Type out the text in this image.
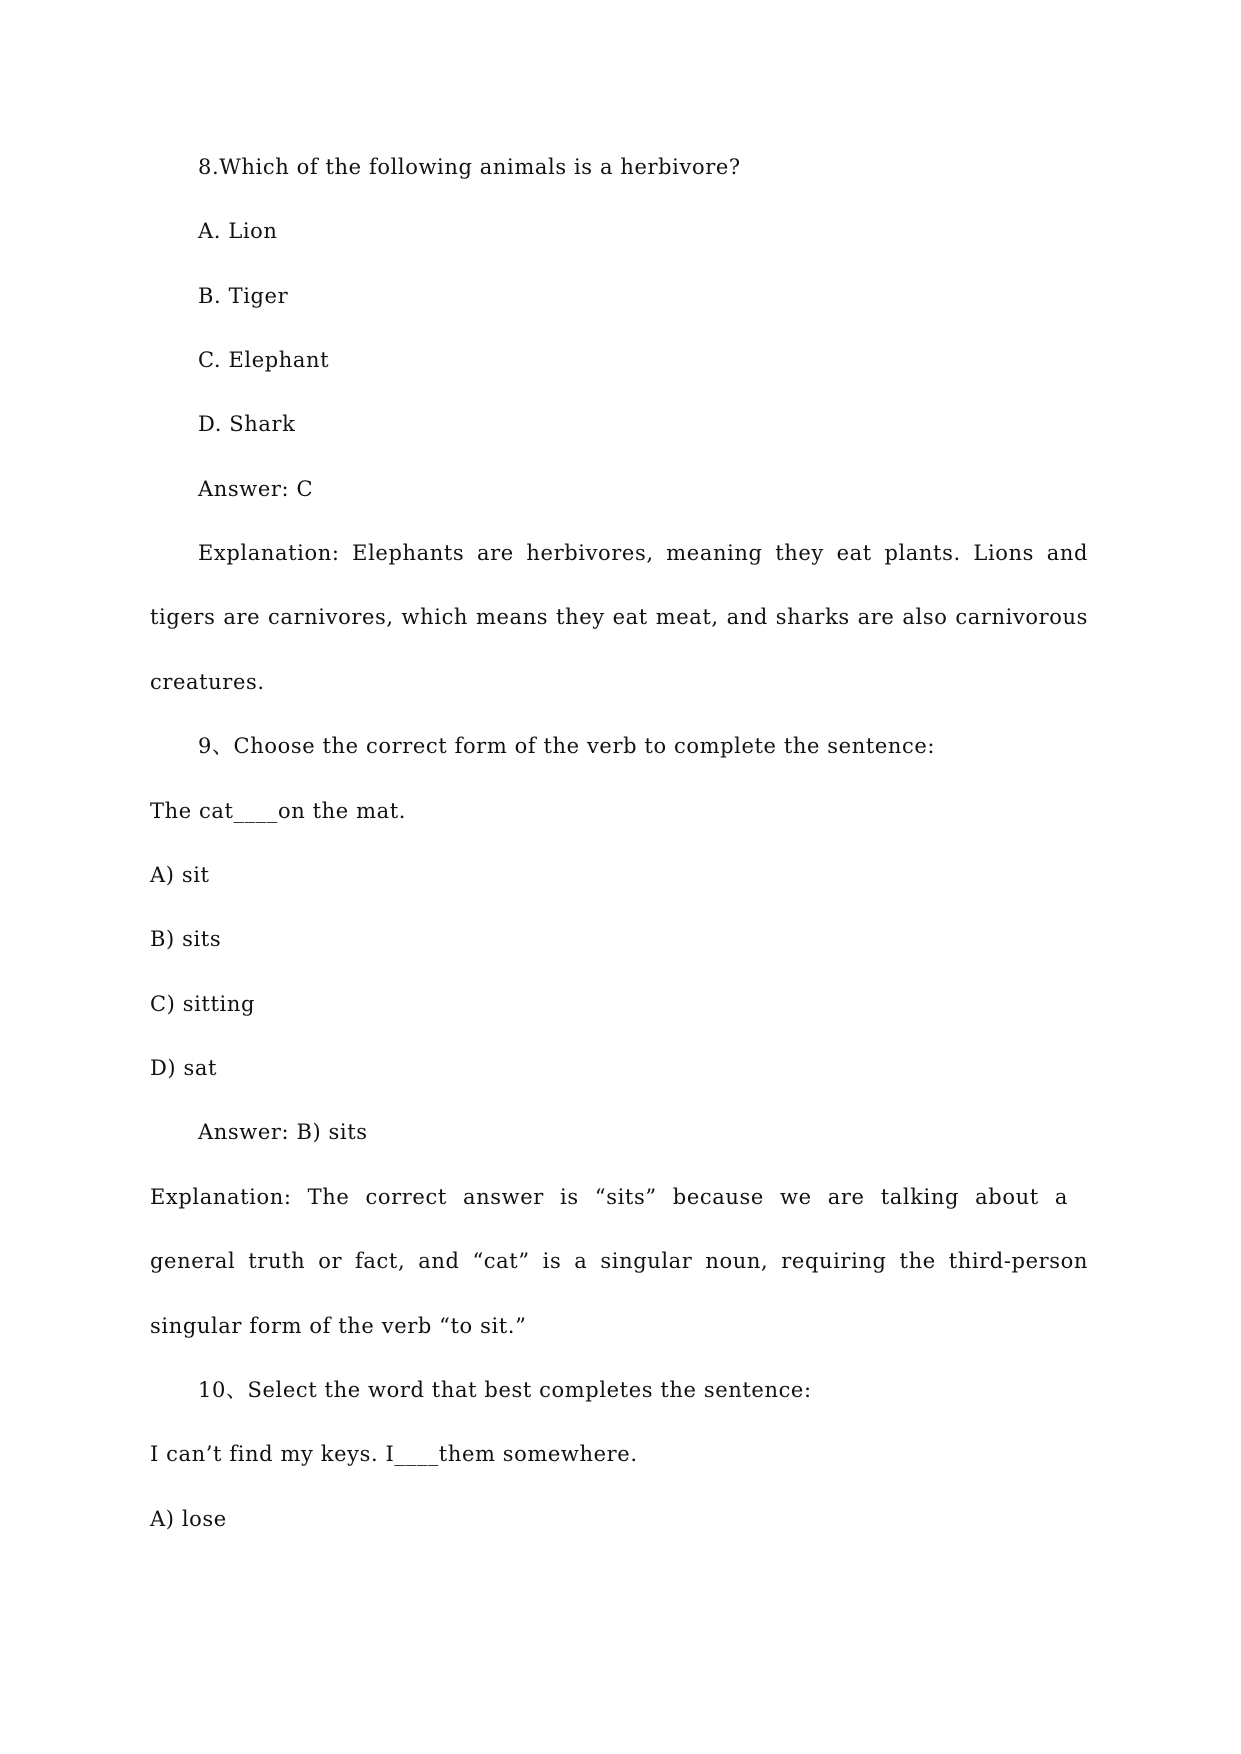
8.Which of the following animals is a herbivore?

A. Lion

B. Tiger

C. Elephant

D. Shark

Answer: C

Explanation: Elephants are herbivores, meaning they eat plants. Lions and

tigers are carnivores, which means they eat meat, and sharks are also carnivorous

creatures.

9、Choose the correct form of the verb to complete the sentence:

The cat____on the mat.

A) sit

B) sits

C) sitting

D) sat

Answer: B) sits

Explanation: The correct answer is “sits” because we are talking about a

general truth or fact, and “cat” is a singular noun, requiring the third-person

singular form of the verb “to sit.”

10、Select the word that best completes the sentence:

I can’t find my keys. I____them somewhere.

A) lose
